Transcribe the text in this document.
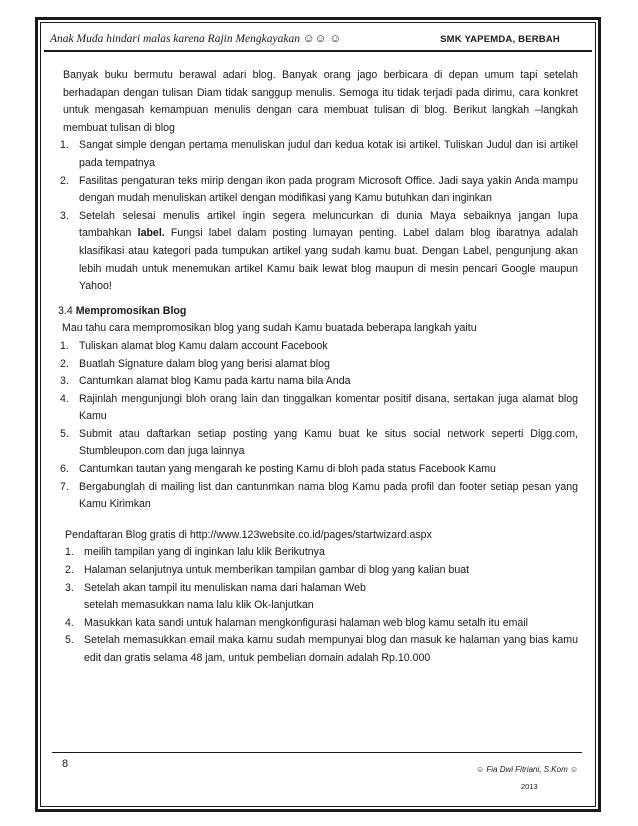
Anak Muda hindari malas karena Rajin Mengkayakan ☺☺ ☺	SMK YAPEMDA, BERBAH

Banyak buku bermutu berawal adari blog. Banyak orang jago berbicara di depan umum tapi setelah berhadapan dengan tulisan Diam tidak sanggup menulis. Semoga itu tidak terjadi pada dirimu, cara konkret untuk mengasah kemampuan menulis dengan cara membuat tulisan di blog. Berikut langkah –langkah membuat tulisan di blog

1. Sangat simple dengan pertama menuliskan judul dan kedua kotak isi artikel. Tuliskan Judul dan isi artikel pada tempatnya
2. Fasilitas pengaturan teks mirip dengan ikon pada program Microsoft Office. Jadi saya yakin Anda mampu dengan mudah menuliskan artikel dengan modifikasi yang Kamu butuhkan dan inginkan
3. Setelah selesai menulis artikel ingin segera meluncurkan di dunia Maya sebaiknya jangan lupa tambahkan label. Fungsi label dalam posting lumayan penting. Label dalam blog ibaratnya adalah klasifikasi atau kategori pada tumpukan artikel yang sudah kamu buat. Dengan Label, pengunjung akan lebih mudah untuk menemukan artikel Kamu baik lewat blog maupun di mesin pencari Google maupun Yahoo!
3.4 Mempromosikan Blog

Mau tahu cara mempromosikan blog yang sudah Kamu buatada beberapa langkah yaitu

1. Tuliskan alamat blog Kamu dalam account Facebook
2. Buatlah Signature dalam blog yang berisi alamat blog
3. Cantumkan alamat blog Kamu pada kartu nama bila Anda
4. Rajinlah mengunjungi bloh orang lain dan tinggalkan komentar positif disana, sertakan juga alamat blog Kamu
5. Submit atau daftarkan setiap posting yang Kamu buat ke situs social network seperti Digg.com, Stumbleupon.com dan juga lainnya
6. Cantumkan tautan yang mengarah ke posting Kamu di bloh pada status Facebook Kamu
7. Bergabunglah di mailing list dan cantunmkan nama blog Kamu pada profil dan footer setiap pesan yang Kamu Kirimkan

Pendaftaran Blog gratis di http://www.123website.co.id/pages/startwizard.aspx

1. meilih tampilan yang di inginkan lalu klik Berikutnya
2. Halaman selanjutnya untuk memberikan tampilan gambar di blog yang kalian buat
3. Setelah akan tampil itu menuliskan nama dari halaman Web
setelah memasukkan nama lalu klik Ok-lanjutkan
4. Masukkan kata sandi untuk halaman mengkonfigurasi halaman web blog kamu setalh itu email
5. Setelah memasukkan email maka kamu sudah mempunyai blog dan masuk ke halaman yang bias kamu edit dan gratis selama 48 jam, untuk pembelian domain adalah Rp.10.000
8	☺ Fia Dwi Fitriani, S.Kom ☺
2013
